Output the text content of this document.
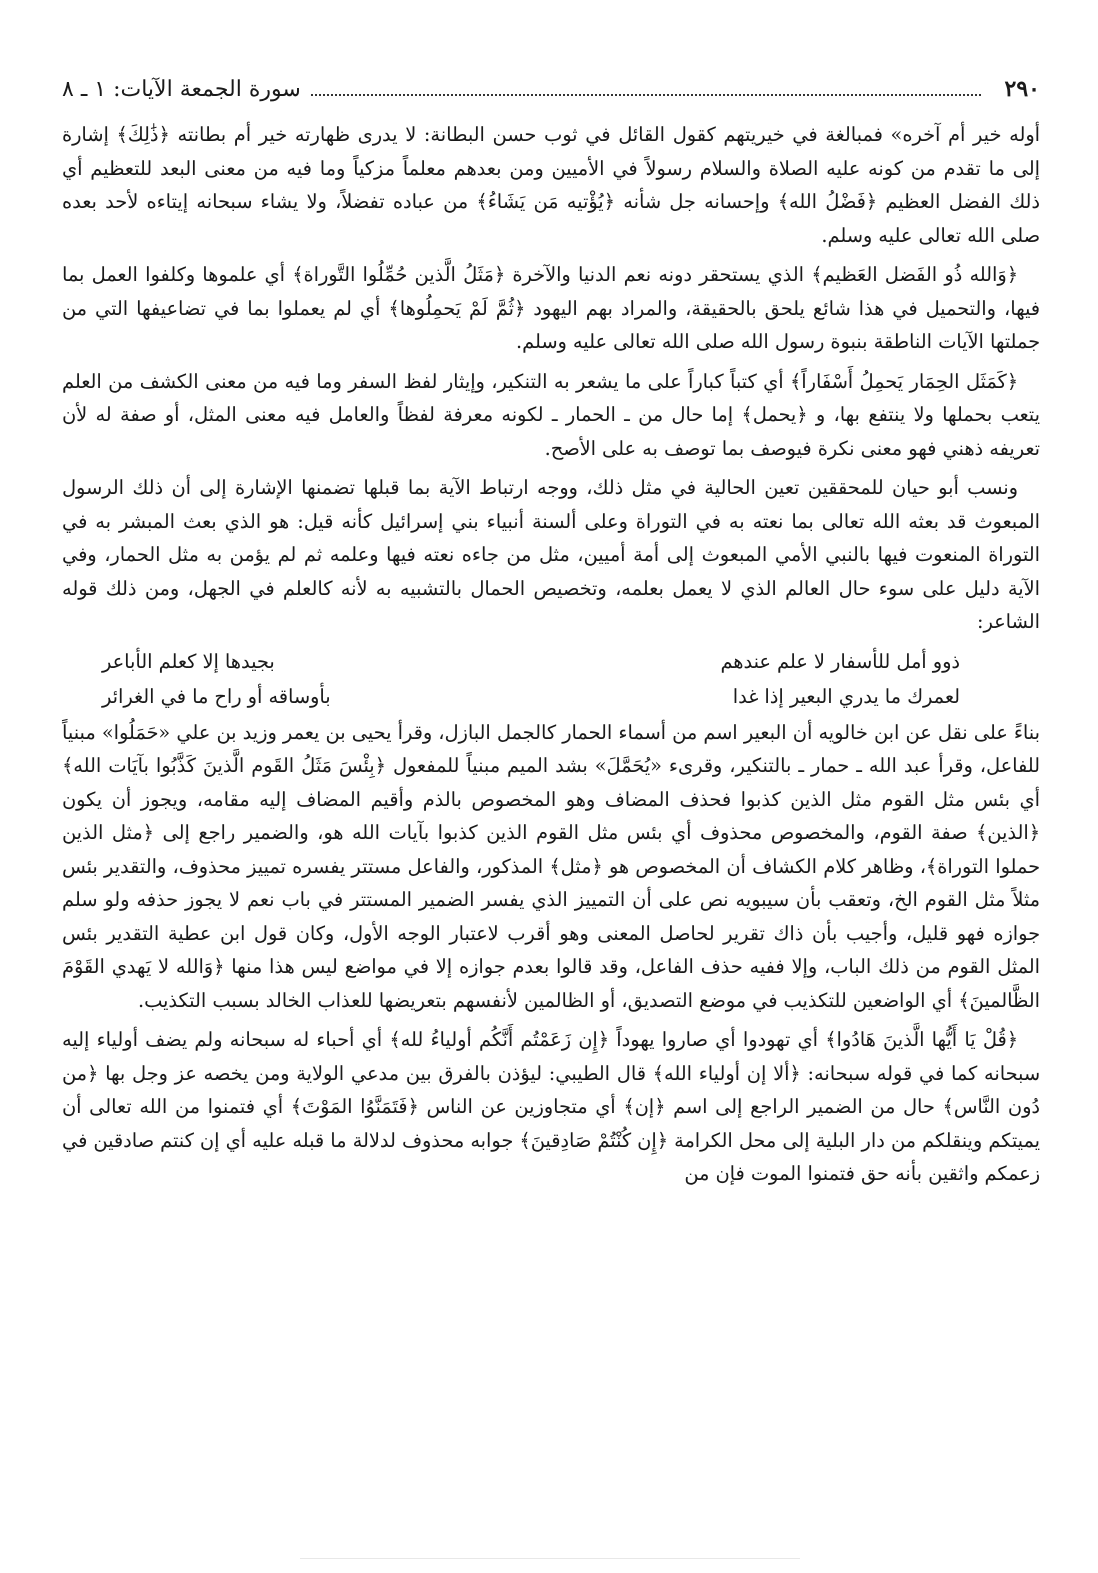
٢٩٠
سورة الجمعة الآيات: ١ ـ ٨

أوله خير أم آخره» فمبالغة في خيريتهم كقول القائل في ثوب حسن البطانة: لا يدرى ظهارته خير أم بطانته ﴿ذَٰلِكَ﴾ إشارة إلى ما تقدم من كونه عليه الصلاة والسلام رسولاً في الأميين ومن بعدهم معلماً مزكياً وما فيه من معنى البعد للتعظيم أي ذلك الفضل العظيم ﴿فَضْلُ الله﴾ وإحسانه جل شأنه ﴿يُؤْتيه مَن يَشَاءُ﴾ من عباده تفضلاً، ولا يشاء سبحانه إيتاءه لأحد بعده صلى الله تعالى عليه وسلم.

﴿وَالله ذُو الفَضل العَظيم﴾ الذي يستحقر دونه نعم الدنيا والآخرة ﴿مَثَلُ الَّذين حُمِّلُوا التَّوراة﴾ أي علموها وكلفوا العمل بما فيها، والتحميل في هذا شائع يلحق بالحقيقة، والمراد بهم اليهود ﴿ثُمَّ لَمْ يَحمِلُوها﴾ أي لم يعملوا بما في تضاعيفها التي من جملتها الآيات الناطقة بنبوة رسول الله صلى الله تعالى عليه وسلم.

﴿كَمَثَل الحِمَار يَحمِلُ أَسْفَاراً﴾ أي كتباً كباراً على ما يشعر به التنكير، وإيثار لفظ السفر وما فيه من معنى الكشف من العلم يتعب بحملها ولا ينتفع بها، و ﴿يحمل﴾ إما حال من ـ الحمار ـ لكونه معرفة لفظاً والعامل فيه معنى المثل، أو صفة له لأن تعريفه ذهني فهو معنى نكرة فيوصف بما توصف به على الأصح.

ونسب أبو حيان للمحققين تعين الحالية في مثل ذلك، ووجه ارتباط الآية بما قبلها تضمنها الإشارة إلى أن ذلك الرسول المبعوث قد بعثه الله تعالى بما نعته به في التوراة وعلى ألسنة أنبياء بني إسرائيل كأنه قيل: هو الذي بعث المبشر به في التوراة المنعوت فيها بالنبي الأمي المبعوث إلى أمة أميين، مثل من جاءه نعته فيها وعلمه ثم لم يؤمن به مثل الحمار، وفي الآية دليل على سوء حال العالم الذي لا يعمل بعلمه، وتخصيص الحمال بالتشبيه به لأنه كالعلم في الجهل، ومن ذلك قوله الشاعر:

ذوو أمل للأسفار لا علم عندهم
بجيدها إلا كعلم الأباعر
لعمرك ما يدري البعير إذا غدا
بأوساقه أو راح ما في الغرائر

بناءً على نقل عن ابن خالويه أن البعير اسم من أسماء الحمار كالجمل البازل، وقرأ يحيى بن يعمر وزيد بن علي «حَمَلُوا» مبنياً للفاعل، وقرأ عبد الله ـ حمار ـ بالتنكير، وقرىء «يُحَمَّلَ» بشد الميم مبنياً للمفعول ﴿بِئْسَ مَثَلُ القَوم الَّذينَ كَذَّبُوا بآيَات الله﴾ أي بئس مثل القوم مثل الذين كذبوا فحذف المضاف وهو المخصوص بالذم وأقيم المضاف إليه مقامه، ويجوز أن يكون ﴿الذين﴾ صفة القوم، والمخصوص محذوف أي بئس مثل القوم الذين كذبوا بآيات الله هو، والضمير راجع إلى ﴿مثل الذين حملوا التوراة﴾، وظاهر كلام الكشاف أن المخصوص هو ﴿مثل﴾ المذكور، والفاعل مستتر يفسره تمييز محذوف، والتقدير بئس مثلاً مثل القوم الخ، وتعقب بأن سيبويه نص على أن التمييز الذي يفسر الضمير المستتر في باب نعم لا يجوز حذفه ولو سلم جوازه فهو قليل، وأجيب بأن ذاك تقرير لحاصل المعنى وهو أقرب لاعتبار الوجه الأول، وكان قول ابن عطية التقدير بئس المثل القوم من ذلك الباب، وإلا ففيه حذف الفاعل، وقد قالوا بعدم جوازه إلا في مواضع ليس هذا منها ﴿وَالله لا يَهدي القَوْمَ الظَّالمينَ﴾ أي الواضعين للتكذيب في موضع التصديق، أو الظالمين لأنفسهم بتعريضها للعذاب الخالد بسبب التكذيب.

﴿قُلْ يَا أَيُّها الَّذينَ هَادُوا﴾ أي تهودوا أي صاروا يهوداً ﴿إِن زَعَمْتُم أَنَّكُم أولياءُ لله﴾ أي أحباء له سبحانه ولم يضف أولياء إليه سبحانه كما في قوله سبحانه: ﴿ألا إن أولياء الله﴾ قال الطيبي: ليؤذن بالفرق بين مدعي الولاية ومن يخصه عز وجل بها ﴿من دُون النَّاس﴾ حال من الضمير الراجع إلى اسم ﴿إن﴾ أي متجاوزين عن الناس ﴿فَتَمَنَّوُا المَوْتَ﴾ أي فتمنوا من الله تعالى أن يميتكم وينقلكم من دار البلية إلى محل الكرامة ﴿إِن كُنْتُمْ صَادِقينَ﴾ جوابه محذوف لدلالة ما قبله عليه أي إن كنتم صادقين في زعمكم واثقين بأنه حق فتمنوا الموت فإن من
